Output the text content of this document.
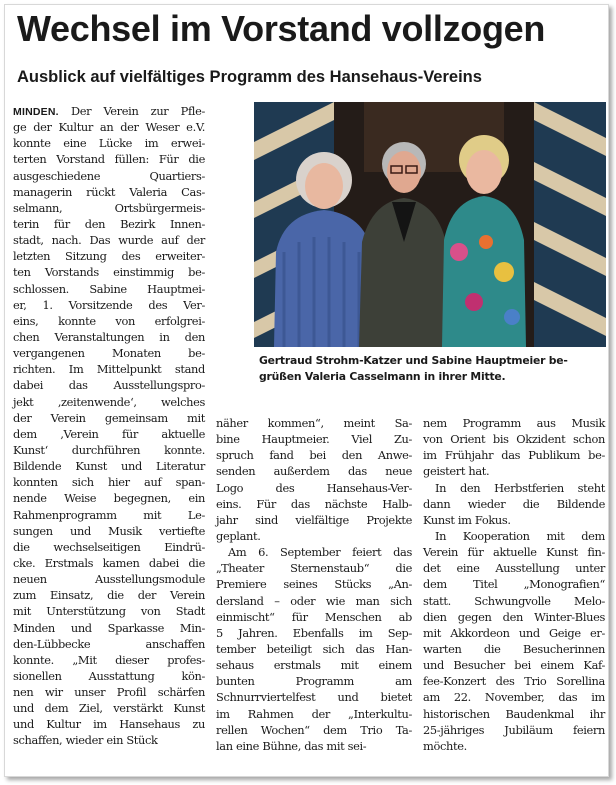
Wechsel im Vorstand vollzogen
Ausblick auf vielfältiges Programm des Hansehaus-Vereins
MINDEN. Der Verein zur Pfle-
ge der Kultur an der Weser e.V.
konnte eine Lücke im erwei-
terten Vorstand füllen: Für die
ausgeschiedene Quartiers-
managerin rückt Valeria Cas-
selmann, Ortsbürgermeis-
terin für den Bezirk Innen-
stadt, nach. Das wurde auf der
letzten Sitzung des erweiter-
ten Vorstands einstimmig be-
schlossen. Sabine Hauptmei-
er, 1. Vorsitzende des Ver-
eins, konnte von erfolgrei-
chen Veranstaltungen in den
vergangenen Monaten be-
richten. Im Mittelpunkt stand
dabei das Ausstellungspro-
jekt ‚zeitenwende‘, welches
der Verein gemeinsam mit
dem ‚Verein für aktuelle
Kunst‘ durchführen konnte.
Bildende Kunst und Literatur
konnten sich hier auf span-
nende Weise begegnen, ein
Rahmenprogramm mit Le-
sungen und Musik vertiefte
die wechselseitigen Eindrü-
cke. Erstmals kamen dabei die
neuen Ausstellungsmodule
zum Einsatz, die der Verein
mit Unterstützung von Stadt
Minden und Sparkasse Min-
den-Lübbecke anschaffen
konnte. „Mit dieser profes-
sionellen Ausstattung kön-
nen wir unser Profil schärfen
und dem Ziel, verstärkt Kunst
und Kultur im Hansehaus zu
schaffen, wieder ein Stück
Gertraud Strohm-Katzer und Sabine Hauptmeier be-
grüßen Valeria Casselmann in ihrer Mitte.
näher kommen“, meint Sa-
bine Hauptmeier. Viel Zu-
spruch fand bei den Anwe-
senden außerdem das neue
Logo des Hansehaus-Ver-
eins. Für das nächste Halb-
jahr sind vielfältige Projekte
geplant.
Am 6. September feiert das
„Theater Sternenstaub“ die
Premiere seines Stücks „An-
dersland – oder wie man sich
einmischt“ für Menschen ab
5 Jahren. Ebenfalls im Sep-
tember beteiligt sich das Han-
sehaus erstmals mit einem
bunten Programm am
Schnurrviertelfest und bietet
im Rahmen der „Interkultu-
rellen Wochen“ dem Trio Ta-
lan eine Bühne, das mit sei-
nem Programm aus Musik
von Orient bis Okzident schon
im Frühjahr das Publikum be-
geistert hat.
In den Herbstferien steht
dann wieder die Bildende
Kunst im Fokus.
In Kooperation mit dem
Verein für aktuelle Kunst fin-
det eine Ausstellung unter
dem Titel „Monografien“
statt. Schwungvolle Melo-
dien gegen den Winter-Blues
mit Akkordeon und Geige er-
warten die Besucherinnen
und Besucher bei einem Kaf-
fee-Konzert des Trio Sorellina
am 22. November, das im
historischen Baudenkmal ihr
25-jähriges Jubiläum feiern
möchte.
